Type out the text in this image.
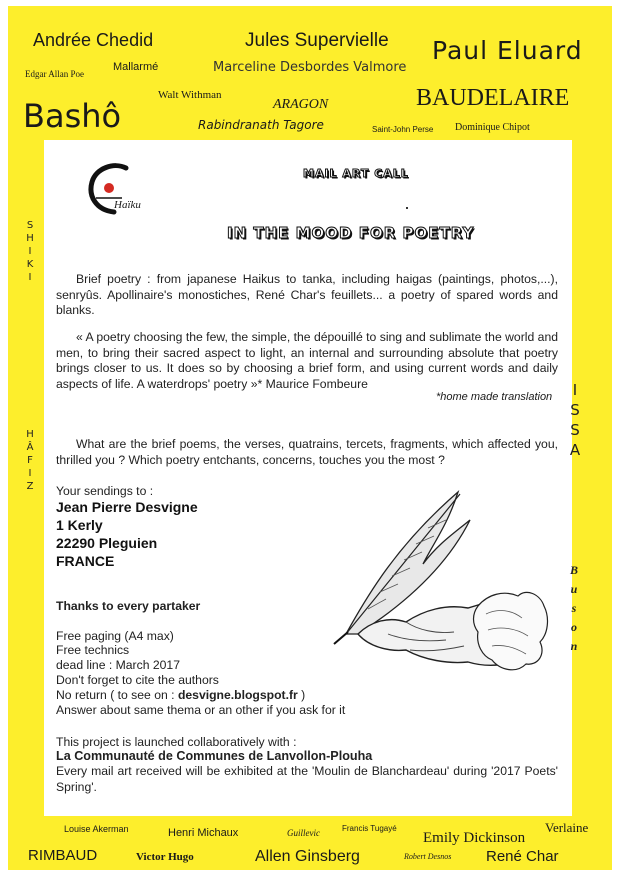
Andrée Chedid	Jules Supervielle Paul Eluard
Edgar Allan Poe
Mallarmé	Marceline Desbordes Valmore
Bashô
Walt Withman
ARAGON	BAUDELAIRE
Rabindranath Tagore	Saint-John Perse Dominique Chipot
S
H
I
K
I
H
Â
F
I
Z
I
S
S
A
B
u
s
o
n
Louise Akerman	Henri Michaux	Guillevic	Francis Tugayé
Emily Dickinson
Verlaine
RIMBAUD	Victor Hugo	Allen Ginsberg	Robert Desnos René Char
Haïku
MAIL ART CALL
IN THE MOOD FOR POETRY
Brief poetry : from japanese Haikus to tanka, including haigas (paintings, photos,...), senryûs. Apollinaire's monostiches, René Char's feuillets... a poetry of spared words and blanks.
« A poetry choosing the few, the simple, the dépouillé to sing and sublimate the world and men, to bring their sacred aspect to light, an internal and surrounding absolute that poetry brings closer to us. It does so by choosing a brief form, and using current words and daily aspects of life. A waterdrops' poetry »* Maurice Fombeure
*home made translation
What are the brief poems, the verses, quatrains, tercets, fragments, which affected you, thrilled you ? Which poetry entchants, concerns, touches you the most ?
Your sendings to :
Jean Pierre Desvigne
1 Kerly
22290 Pleguien
FRANCE
Thanks to every partaker
Free paging (A4 max)
Free technics
dead line : March 2017
Don't forget to cite the authors
No return ( to see on : desvigne.blogspot.fr )
Answer about same thema or an other if you ask for it
This project is launched collaboratively with :
La Communauté de Communes de Lanvollon-Plouha
Every mail art received will be exhibited at the 'Moulin de Blanchardeau' during '2017 Poets' Spring'.
